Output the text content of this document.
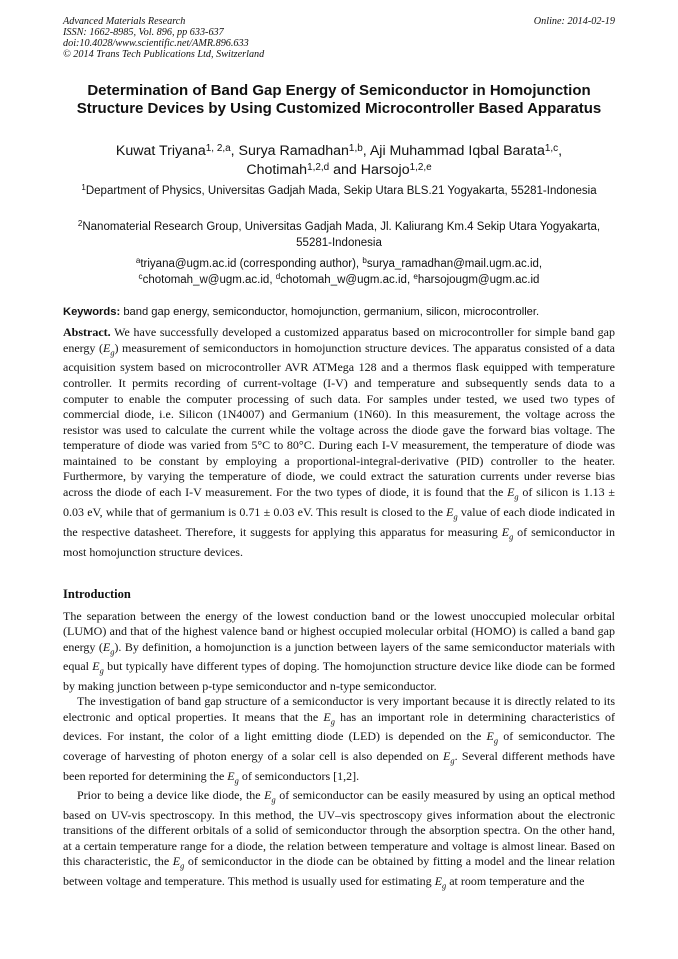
Advanced Materials Research
ISSN: 1662-8985, Vol. 896, pp 633-637
doi:10.4028/www.scientific.net/AMR.896.633
© 2014 Trans Tech Publications Ltd, Switzerland
Online: 2014-02-19
Determination of Band Gap Energy of Semiconductor in Homojunction Structure Devices by Using Customized Microcontroller Based Apparatus
Kuwat Triyana$^{1, 2,a}$, Surya Ramadhan$^{1,b}$, Aji Muhammad Iqbal Barata$^{1,c}$,
Chotimah$^{1,2,d}$ and Harsojo$^{1,2,e}$
$^1$Department of Physics, Universitas Gadjah Mada, Sekip Utara BLS.21 Yogyakarta, 55281-Indonesia
$^2$Nanomaterial Research Group, Universitas Gadjah Mada, Jl. Kaliurang Km.4 Sekip Utara Yogyakarta, 55281-Indonesia
$^a$triyana@ugm.ac.id (corresponding author), $^b$surya_ramadhan@mail.ugm.ac.id,
$^c$chotomah_w@ugm.ac.id, $^d$chotomah_w@ugm.ac.id, $^e$harsojougm@ugm.ac.id
Keywords: band gap energy, semiconductor, homojunction, germanium, silicon, microcontroller.
Abstract. We have successfully developed a customized apparatus based on microcontroller for simple band gap energy $(E_g)$ measurement of semiconductors in homojunction structure devices. The apparatus consisted of a data acquisition system based on microcontroller AVR ATMega 128 and a thermos flask equipped with temperature controller. It permits recording of current-voltage (I-V) and temperature and subsequently sends data to a computer to enable the computer processing of such data. For samples under tested, we used two types of commercial diode, i.e. Silicon (1N4007) and Germanium (1N60). In this measurement, the voltage across the resistor was used to calculate the current while the voltage across the diode gave the forward bias voltage. The temperature of diode was varied from 5°C to 80°C. During each I-V measurement, the temperature of diode was maintained to be constant by employing a proportional-integral-derivative (PID) controller to the heater. Furthermore, by varying the temperature of diode, we could extract the saturation currents under reverse bias across the diode of each I-V measurement. For the two types of diode, it is found that the $E_g$ of silicon is 1.13 ± 0.03 eV, while that of germanium is 0.71 ± 0.03 eV. This result is closed to the $E_g$ value of each diode indicated in the respective datasheet. Therefore, it suggests for applying this apparatus for measuring $E_g$ of semiconductor in most homojunction structure devices.
Introduction

The separation between the energy of the lowest conduction band or the lowest unoccupied molecular orbital (LUMO) and that of the highest valence band or highest occupied molecular orbital (HOMO) is called a band gap energy $(E_g)$. By definition, a homojunction is a junction between layers of the same semiconductor materials with equal $E_g$ but typically have different types of doping. The homojunction structure device like diode can be formed by making junction between p-type semiconductor and n-type semiconductor.

The investigation of band gap structure of a semiconductor is very important because it is directly related to its electronic and optical properties. It means that the $E_g$ has an important role in determining characteristics of devices. For instant, the color of a light emitting diode (LED) is depended on the $E_g$ of semiconductor. The coverage of harvesting of photon energy of a solar cell is also depended on $E_g$. Several different methods have been reported for determining the $E_g$ of semiconductors [1,2].

Prior to being a device like diode, the $E_g$ of semiconductor can be easily measured by using an optical method based on UV-vis spectroscopy. In this method, the UV–vis spectroscopy gives information about the electronic transitions of the different orbitals of a solid of semiconductor through the absorption spectra. On the other hand, at a certain temperature range for a diode, the relation between temperature and voltage is almost linear. Based on this characteristic, the $E_g$ of semiconductor in the diode can be obtained by fitting a model and the linear relation between voltage and temperature. This method is usually used for estimating $E_g$ at room temperature and the
